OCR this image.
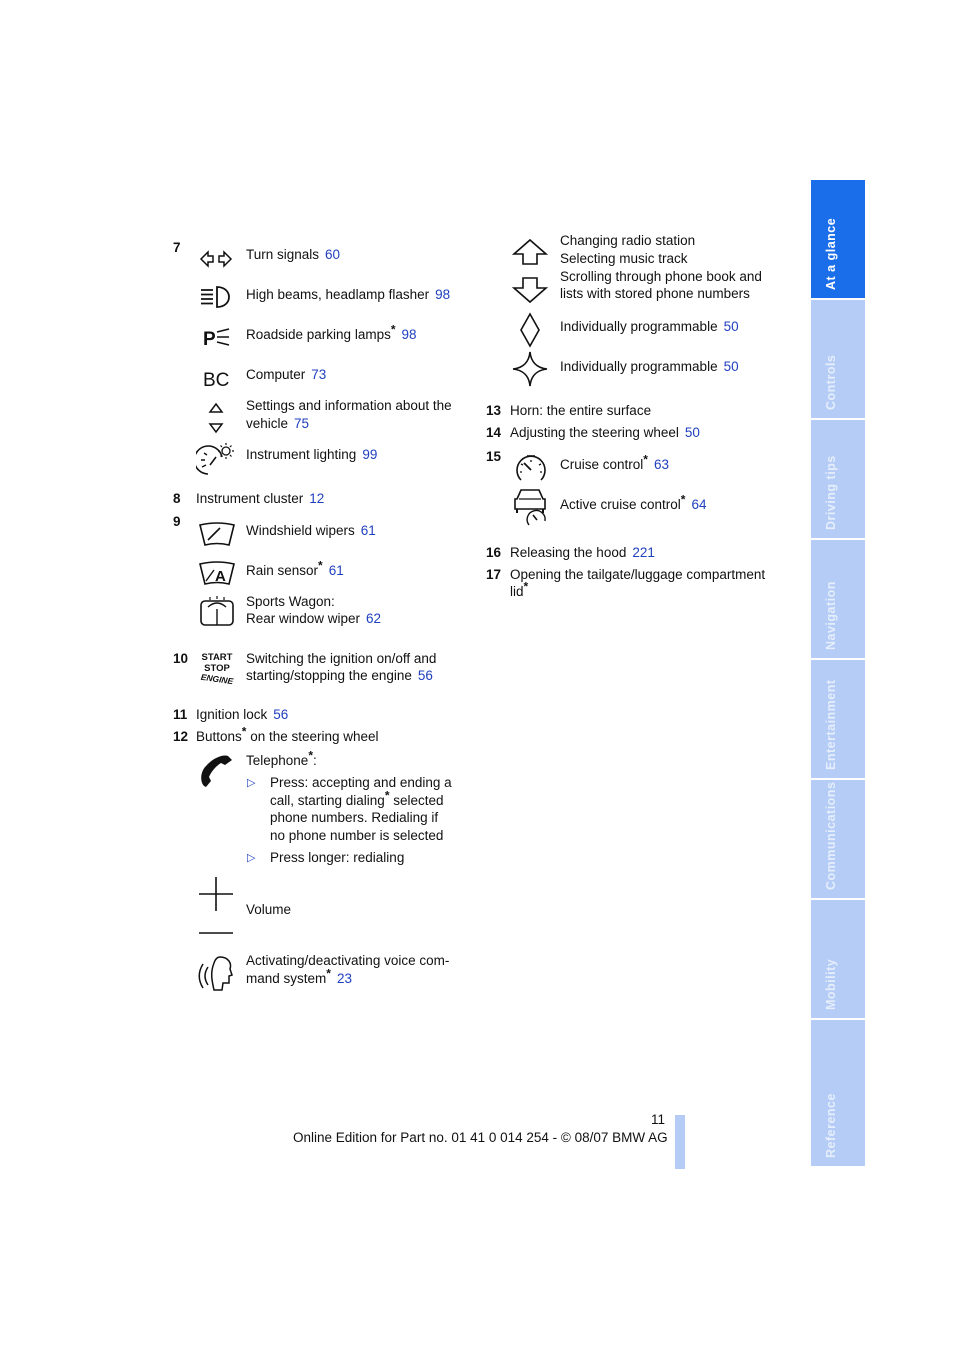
7	Turn signals 60
High beams, headlamp flasher 98
P Roadside parking lamps* 98
BC Computer 73
Settings and information about the
vehicle 75
Instrument lighting 99
8 Instrument cluster 12
9
Windshield wipers 61
A Rain sensor* 61
Sports Wagon:
Rear window wiper 62
10 START
STOP
ENGINE
Switching the ignition on/off and
starting/stopping the engine 56
11 Ignition lock 56
12 Buttons* on the steering wheel
Telephone*:
▷ Press: accepting and ending a
call, starting dialing* selected
phone numbers. Redialing if
no phone number is selected
▷ Press longer: redialing
Volume
Activating/deactivating voice com-
mand system* 23
Changing radio station
Selecting music track
Scrolling through phone book and
lists with stored phone numbers
Individually programmable 50
Individually programmable 50
13 Horn: the entire surface
14 Adjusting the steering wheel 50
15
Cruise control* 63
Active cruise control* 64
16 Releasing the hood 221
17 Opening the tailgate/luggage compartment
lid*
At a glance
Controls
Driving tips
Navigation
Entertainment
Communications
Mobility
Reference
11
Online Edition for Part no. 01 41 0 014 254 - © 08/07 BMW AG
